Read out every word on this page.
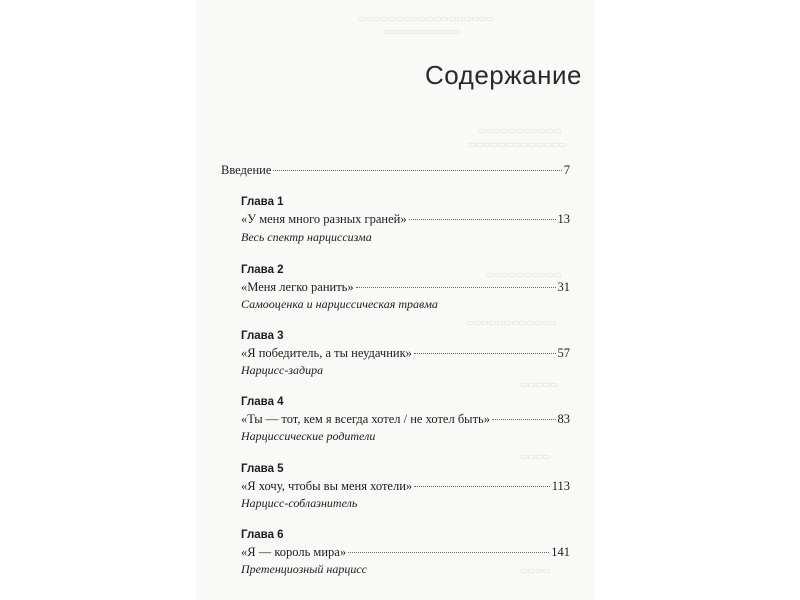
▭▭▭▭▭▭▭▭▭▭▭▭▭▭▭▭▭▭
▭▭▭▭▭▭▭▭▭▭
▭▭▭▭▭▭▭▭▭▭▭
▭▭▭▭▭▭▭▭▭▭▭▭▭
▭▭▭▭▭▭▭▭▭▭
▭▭▭▭▭▭▭▭▭▭▭▭
▭▭▭▭▭
▭▭▭▭
▭▭▭▭
Содержание
Введение	7
Глава 1
«У меня много разных граней»	13
Весь спектр нарциссизма
Глава 2
«Меня легко ранить»	31
Самооценка и нарциссическая травма
Глава 3
«Я победитель, а ты неудачник»	57
Нарцисс-задира
Глава 4
«Ты — тот, кем я всегда хотел / не хотел быть»	83
Нарциссические родители
Глава 5
«Я хочу, чтобы вы меня хотели»	113
Нарцисс-соблазнитель
Глава 6
«Я — король мира»	141
Претенциозный нарцисс
